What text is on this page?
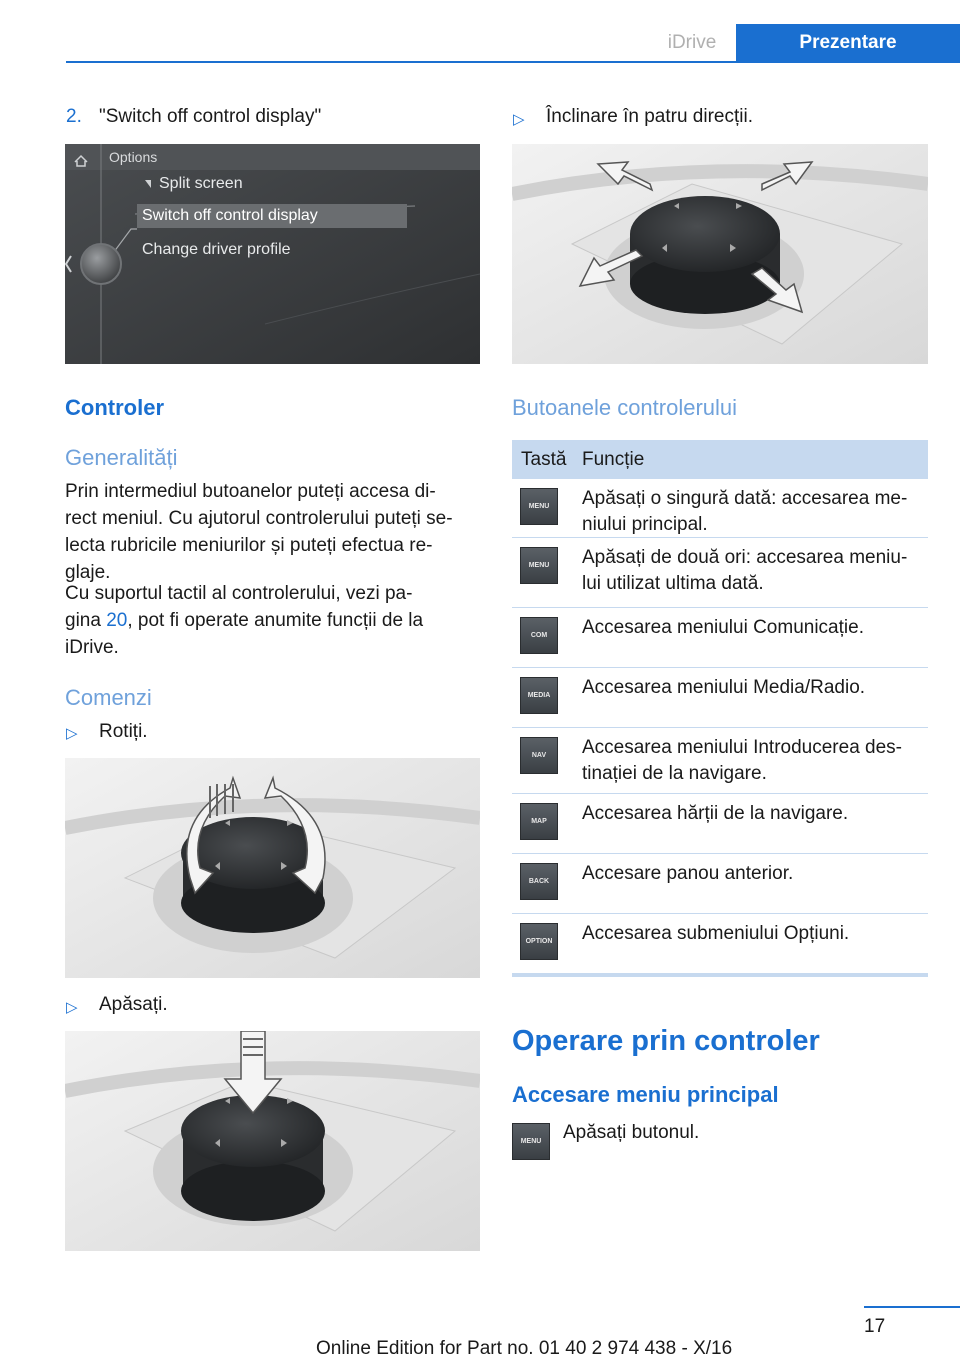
iDrive	Prezentare
2. "Switch off control display"
Options
Split screen
Switch off control display
Change driver profile
Controler
Generalități
Prin intermediul butoanelor puteți accesa di‐
rect meniul. Cu ajutorul controlerului puteți se‐
lecta rubricile meniurilor și puteți efectua re‐
glaje.
Cu suportul tactil al controlerului, vezi pa‐
gina 20, pot fi operate anumite funcții de la
iDrive.
Comenzi
▷ Rotiți.
▷ Apăsați.
▷ Înclinare în patru direcții.
Butoanele controlerului
Tastă Funcție
MENU	Apăsați o singură dată: accesarea me‐
niului principal.
MENU	Apăsați de două ori: accesarea meniu‐
lui utilizat ultima dată.
COM	Accesarea meniului Comunicație.
MEDIA	Accesarea meniului Media/Radio.
NAV	Accesarea meniului Introducerea des‐
tinației de la navigare.
MAP	Accesarea hărții de la navigare.
BACK	Accesare panou anterior.
OPTION Accesarea submeniului Opțiuni.
Operare prin controler
Accesare meniu principal
MENU	Apăsați butonul.
17
Online Edition for Part no. 01 40 2 974 438 - X/16
